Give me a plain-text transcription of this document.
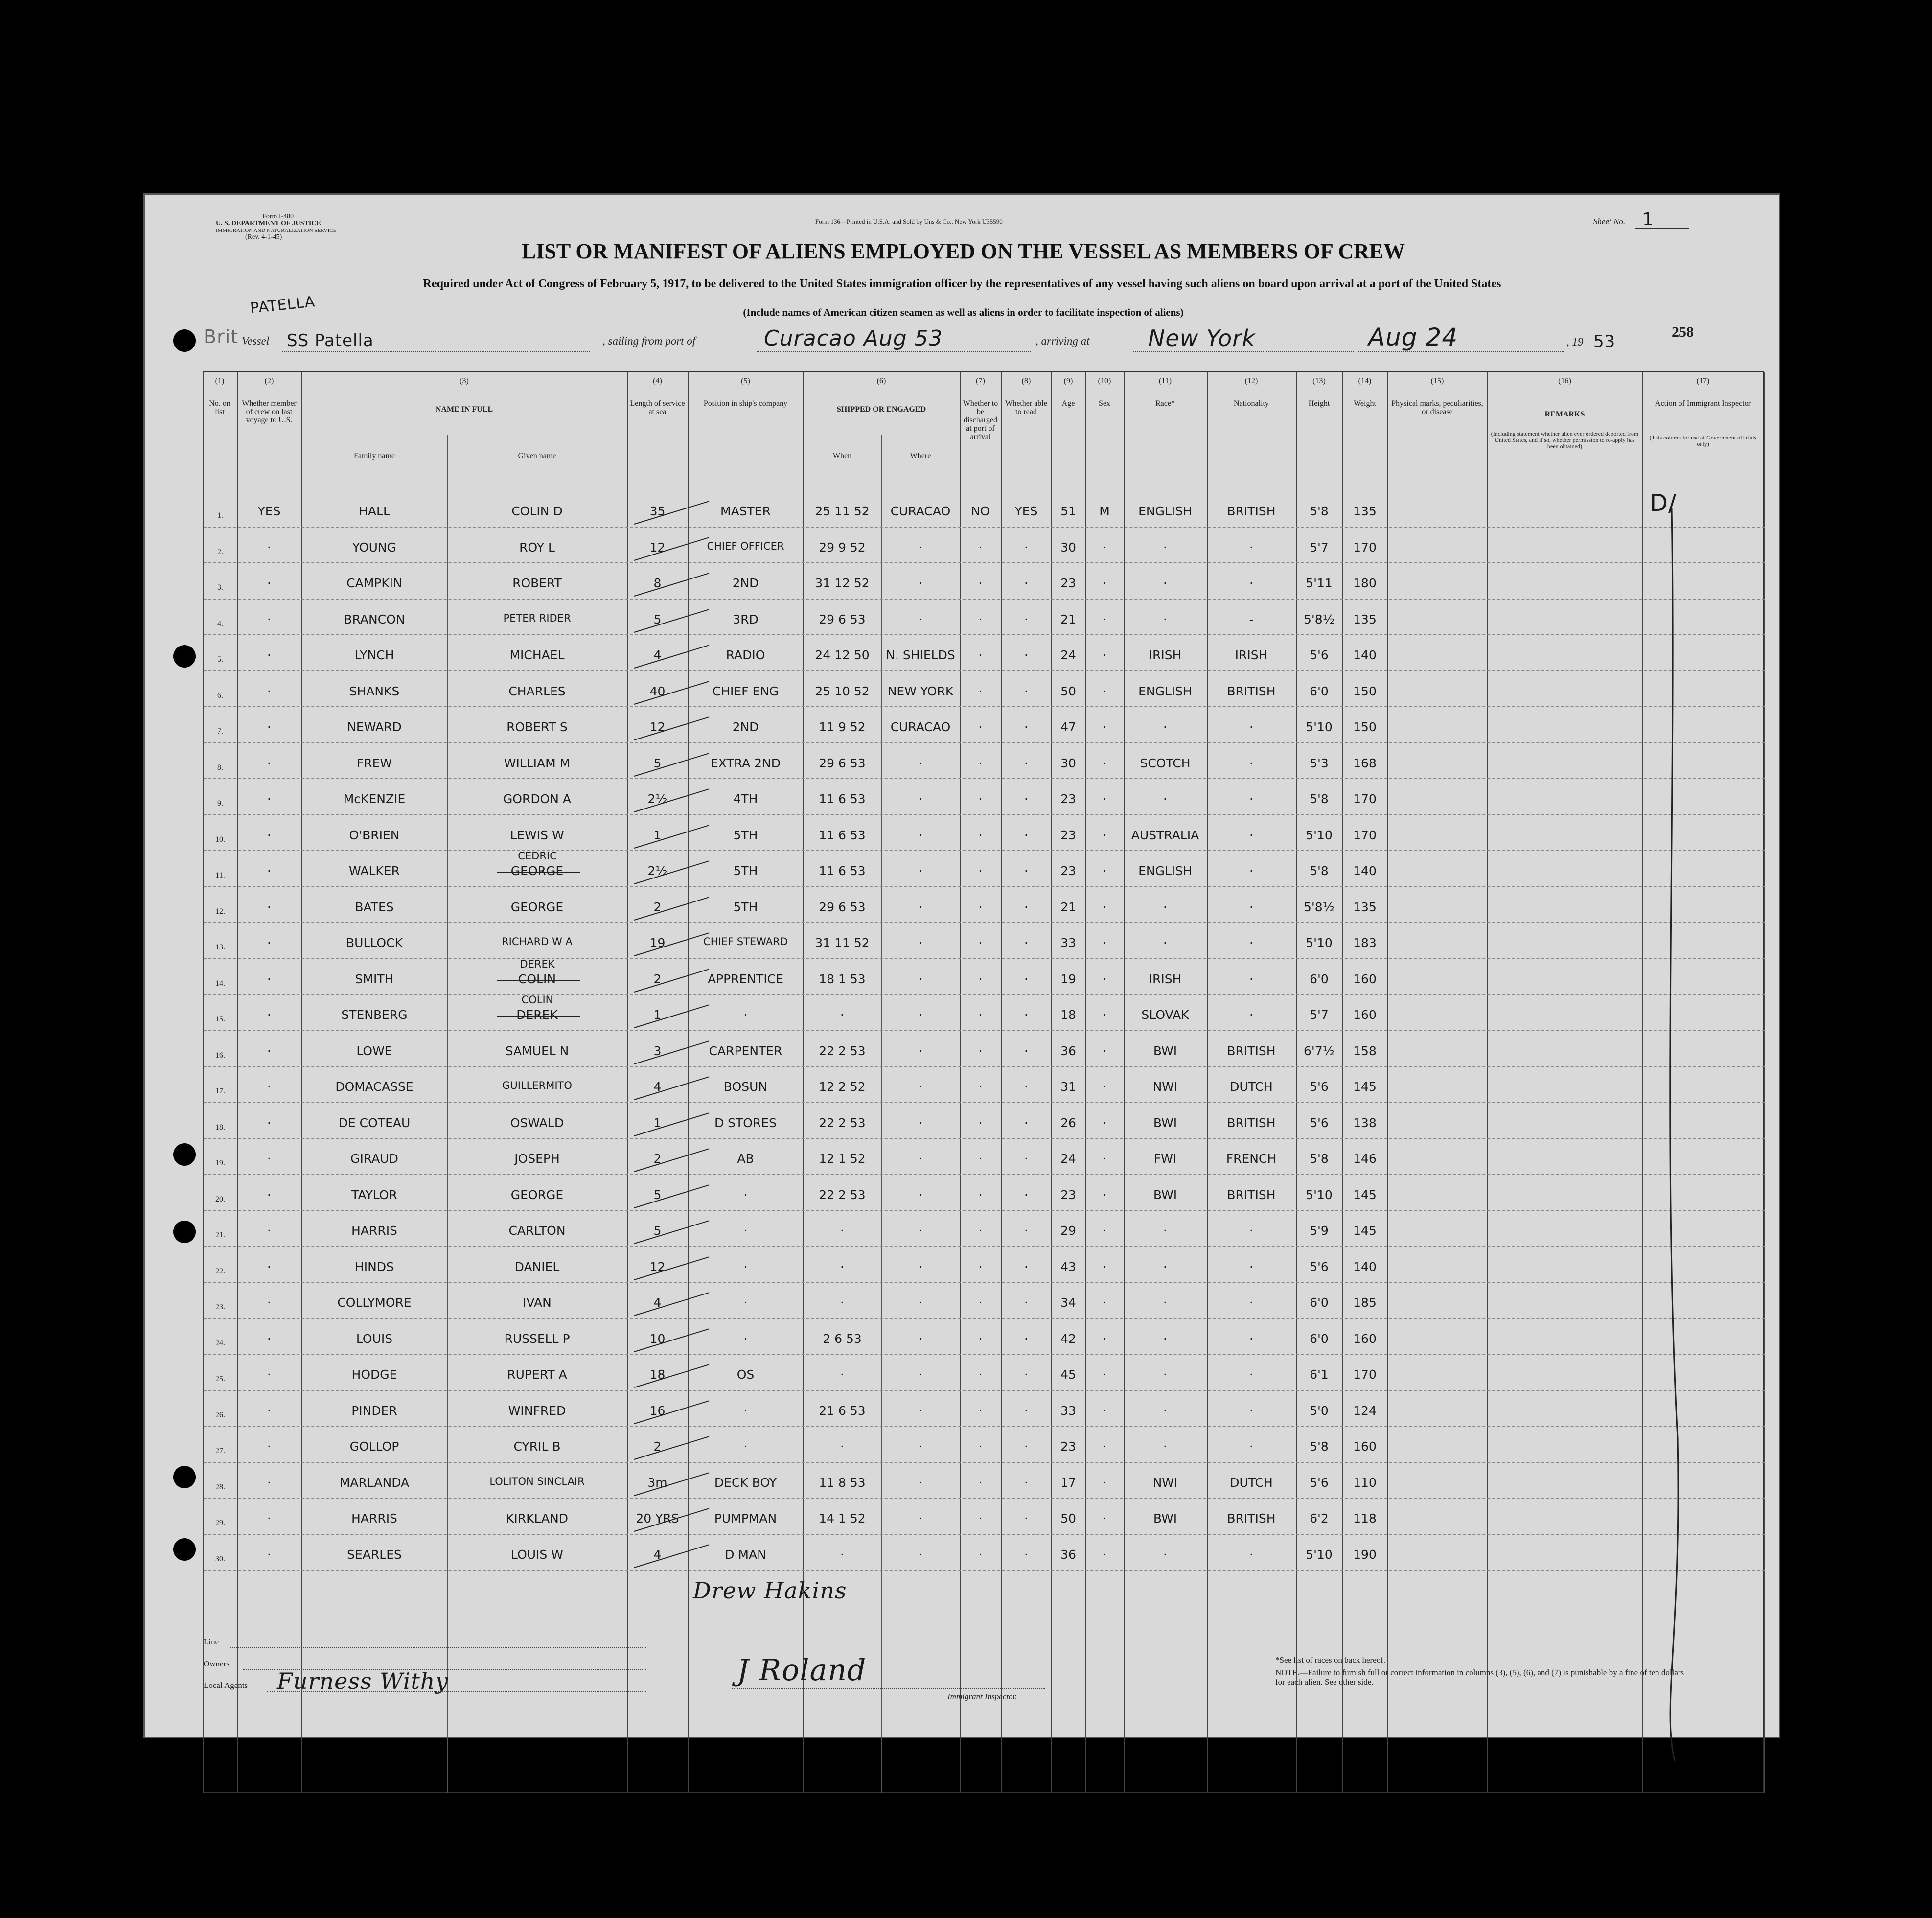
Form I-480
U. S. DEPARTMENT OF JUSTICE
IMMIGRATION AND NATURALIZATION SERVICE
(Rev. 4-1-45)
Form 136—Printed in U.S.A. and Sold by Uns & Co., New York U35590	Sheet No. 1
LIST OR MANIFEST OF ALIENS EMPLOYED ON THE VESSEL AS MEMBERS OF CREW
Required under Act of Congress of February 5, 1917, to be delivered to the United States immigration officer by the representatives of any vessel having such aliens on board upon arrival at a port of the United States
(Include names of American citizen seamen as well as aliens in order to facilitate inspection of aliens)
258
PATELLA
Brit Vessel SS Patella	, sailing from port of	Curacao Aug 53	, arriving at	New York	Aug 24	, 19 53
(1)
No. on list
(2)
Whether member of crew on last voyage to U.S.
(3)
NAME IN FULL
(4)
Length of service at sea
(5)
Position in ship's company
(6)
SHIPPED OR ENGAGED
(7)
Whether to be discharged at port of arrival
(8)
Whether able to read
(9)
Age
(10)
Sex
(11)
Race*
(12)
Nationality
(13)
Height
(14)
Weight
(15)
Physical marks, peculiarities, or disease
(16)
REMARKS
(17)
Action of Immigrant Inspector
Family name	Given name	When	Where
(Including statement whether alien ever ordered deported from United States, and if so, whether permission to re-apply has been obtained)
(This column for use of Government officials only)
1.	YES	HALL	COLIN D	35	MASTER	25 11 52	CURACAO	NO	YES	51	M	ENGLISH	BRITISH	5'8	135
2.	·	YOUNG	ROY L	12	CHIEF OFFICER	29 9 52	·	·	·	30	·	·	·	5'7	170
3.	·	CAMPKIN	ROBERT	8	2ND	31 12 52	·	·	·	23	·	·	·	5'11	180
4.	·	BRANCON	PETER RIDER	5	3RD	29 6 53	·	·	·	21	·	·	-	5'8½	135
5.	·	LYNCH	MICHAEL	4	RADIO	24 12 50	N. SHIELDS	·	·	24	·	IRISH	IRISH	5'6	140
6.	·	SHANKS	CHARLES	40	CHIEF ENG	25 10 52	NEW YORK	·	·	50	·	ENGLISH	BRITISH	6'0	150
7.	·	NEWARD	ROBERT S	12	2ND	11 9 52	CURACAO	·	·	47	·	·	·	5'10	150
8.	·	FREW	WILLIAM M	5	EXTRA 2ND	29 6 53	·	·	·	30	·	SCOTCH	·	5'3	168
9.	·	McKENZIE	GORDON A	2½	4TH	11 6 53	·	·	·	23	·	·	·	5'8	170
10.	·	O'BRIEN	LEWIS W	1	5TH	11 6 53	·	·	·	23	·	AUSTRALIA	·	5'10	170
11.	·	WALKER	GEORGE	2½	5TH	11 6 53	·	·	·	23	·	ENGLISH	·	5'8	140
CEDRIC
12.	·	BATES	GEORGE	2	5TH	29 6 53	·	·	·	21	·	·	·	5'8½	135
13.	·	BULLOCK	RICHARD W A	19	CHIEF STEWARD	31 11 52	·	·	·	33	·	·	·	5'10	183
14.	·	SMITH	COLIN	2	APPRENTICE	18 1 53	·	·	·	19	·	IRISH	·	6'0	160
DEREK
15.	·	STENBERG	DEREK	1	·	·	·	·	·	18	·	SLOVAK	·	5'7	160
COLIN
16.	·	LOWE	SAMUEL N	3	CARPENTER	22 2 53	·	·	·	36	·	BWI	BRITISH	6'7½	158
17.	·	DOMACASSE	GUILLERMITO	4	BOSUN	12 2 52	·	·	·	31	·	NWI	DUTCH	5'6	145
18.	·	DE COTEAU	OSWALD	1	D STORES	22 2 53	·	·	·	26	·	BWI	BRITISH	5'6	138
19.	·	GIRAUD	JOSEPH	2	AB	12 1 52	·	·	·	24	·	FWI	FRENCH	5'8	146
20.	·	TAYLOR	GEORGE	5	·	22 2 53	·	·	·	23	·	BWI	BRITISH	5'10	145
21.	·	HARRIS	CARLTON	5	·	·	·	·	·	29	·	·	·	5'9	145
22.	·	HINDS	DANIEL	12	·	·	·	·	·	43	·	·	·	5'6	140
23.	·	COLLYMORE	IVAN	4	·	·	·	·	·	34	·	·	·	6'0	185
24.	·	LOUIS	RUSSELL P	10	·	2 6 53	·	·	·	42	·	·	·	6'0	160
25.	·	HODGE	RUPERT A	18	OS	·	·	·	·	45	·	·	·	6'1	170
26.	·	PINDER	WINFRED	16	·	21 6 53	·	·	·	33	·	·	·	5'0	124
27.	·	GOLLOP	CYRIL B	2	·	·	·	·	·	23	·	·	·	5'8	160
28.	·	MARLANDA	LOLITON SINCLAIR	3m	DECK BOY	11 8 53	·	·	·	17	·	NWI	DUTCH	5'6	110
29.	·	HARRIS	KIRKLAND	20 YRS	PUMPMAN	14 1 52	·	·	·	50	·	BWI	BRITISH	6'2	118
30.	·	SEARLES	LOUIS W	4	D MAN	·	·	·	·	36	·	·	·	5'10	190
D/
Drew Hakins
Line
Owners
Local Agents Furness Withy	J Roland
Immigrant Inspector.
*See list of races on back hereof.
NOTE.—Failure to furnish full or correct information in columns (3), (5), (6), and (7) is punishable by a fine of ten dollars for each alien. See other side.
